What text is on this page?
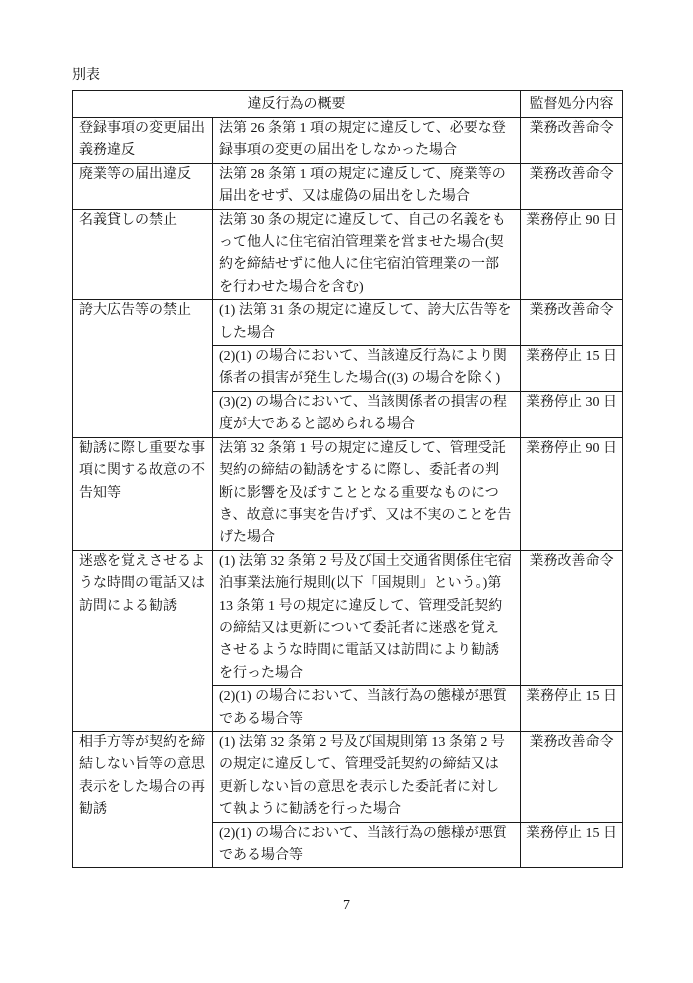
別表
違反行為の概要		監督処分内容
登録事項の変更届出義務違反	法第 26 条第 1 項の規定に違反して、必要な登録事項の変更の届出をしなかった場合	業務改善命令
廃業等の届出違反	法第 28 条第 1 項の規定に違反して、廃業等の届出をせず、又は虚偽の届出をした場合	業務改善命令
名義貸しの禁止	法第 30 条の規定に違反して、自己の名義をもって他人に住宅宿泊管理業を営ませた場合(契約を締結せずに他人に住宅宿泊管理業の一部を行わせた場合を含む)	業務停止 90 日
誇大広告等の禁止	(1) 法第 31 条の規定に違反して、誇大広告等をした場合	業務改善命令
	(2)(1) の場合において、当該違反行為により関係者の損害が発生した場合((3) の場合を除く)	業務停止 15 日
	(3)(2) の場合において、当該関係者の損害の程度が大であると認められる場合	業務停止 30 日
勧誘に際し重要な事項に関する故意の不告知等	法第 32 条第 1 号の規定に違反して、管理受託契約の締結の勧誘をするに際し、委託者の判断に影響を及ぼすこととなる重要なものにつき、故意に事実を告げず、又は不実のことを告げた場合	業務停止 90 日
迷惑を覚えさせるような時間の電話又は訪問による勧誘	(1) 法第 32 条第 2 号及び国土交通省関係住宅宿泊事業法施行規則(以下「国規則」という。)第 13 条第 1 号の規定に違反して、管理受託契約の締結又は更新について委託者に迷惑を覚えさせるような時間に電話又は訪問により勧誘を行った場合	業務改善命令
	(2)(1) の場合において、当該行為の態様が悪質である場合等	業務停止 15 日
相手方等が契約を締結しない旨等の意思表示をした場合の再勧誘	(1) 法第 32 条第 2 号及び国規則第 13 条第 2 号の規定に違反して、管理受託契約の締結又は更新しない旨の意思を表示した委託者に対して執ように勧誘を行った場合	業務改善命令
	(2)(1) の場合において、当該行為の態様が悪質である場合等	業務停止 15 日
7
